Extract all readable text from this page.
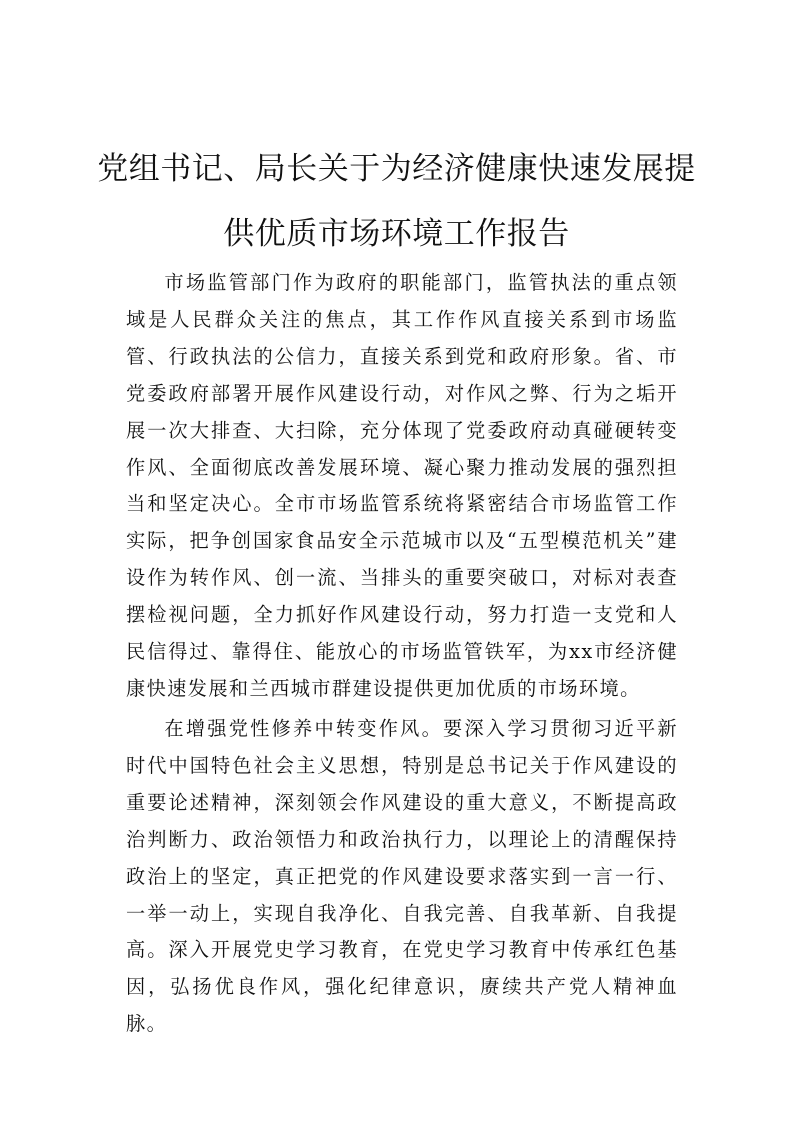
党组书记、局长关于为经济健康快速发展提
供优质市场环境工作报告

市场监管部门作为政府的职能部门，监管执法的重点领域是人民群众关注的焦点，其工作作风直接关系到市场监管、行政执法的公信力，直接关系到党和政府形象。省、市党委政府部署开展作风建设行动，对作风之弊、行为之垢开展一次大排查、大扫除，充分体现了党委政府动真碰硬转变作风、全面彻底改善发展环境、凝心聚力推动发展的强烈担当和坚定决心。全市市场监管系统将紧密结合市场监管工作实际，把争创国家食品安全示范城市以及“五型模范机关”建设作为转作风、创一流、当排头的重要突破口，对标对表查摆检视问题，全力抓好作风建设行动，努力打造一支党和人民信得过、靠得住、能放心的市场监管铁军，为xx市经济健康快速发展和兰西城市群建设提供更加优质的市场环境。

在增强党性修养中转变作风。要深入学习贯彻习近平新时代中国特色社会主义思想，特别是总书记关于作风建设的重要论述精神，深刻领会作风建设的重大意义，不断提高政治判断力、政治领悟力和政治执行力，以理论上的清醒保持政治上的坚定，真正把党的作风建设要求落实到一言一行、一举一动上，实现自我净化、自我完善、自我革新、自我提高。深入开展党史学习教育，在党史学习教育中传承红色基因，弘扬优良作风，强化纪律意识，赓续共产党人精神血脉。
